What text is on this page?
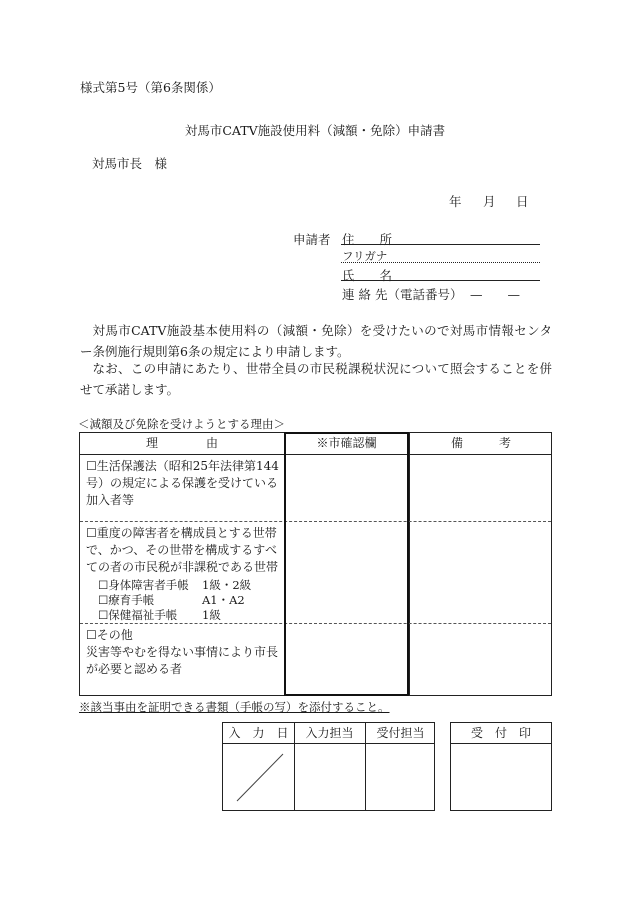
様式第5号（第6条関係）
対馬市CATV施設使用料（減額・免除）申請書
対馬市長　様
年 月 日
申請者 住　　所
フリガナ
氏　　名
連 絡 先（電話番号） —　　—
対馬市CATV施設基本使用料の（減額・免除）を受けたいので対馬市情報センター条例施行規則第6条の規定により申請します。
なお、この申請にあたり、世帯全員の市民税課税状況について照会することを併せて承諾します。
＜減額及び免除を受けようとする理由＞
理　　　　由	※市確認欄	備　　　考
☐生活保護法（昭和25年法律第144号）の規定による保護を受けている加入者等
☐重度の障害者を構成員とする世帯で、かつ、その世帯を構成するすべての者の市民税が非課税である世帯
☐身体障害者手帳 1級・2級
☐療育手帳	A1・A2
☐保健福祉手帳 1級
☐その他
災害等やむを得ない事情により市長が必要と認める者
※該当事由を証明できる書類（手帳の写）を添付すること。
入　力　日	入力担当	受付担当	受　付　印
